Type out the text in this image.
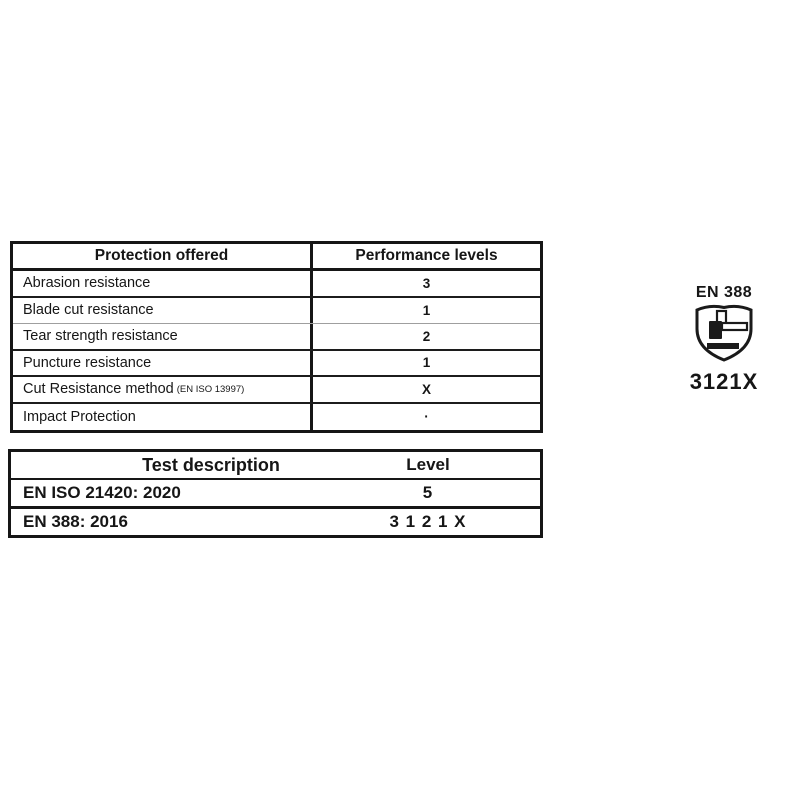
Protection offered	Performance levels
Abrasion resistance	3
Blade cut resistance	1
Tear strength resistance	2
Puncture resistance	1
Cut Resistance method (EN ISO 13997)	X
Impact Protection	·
Test description	Level
EN ISO 21420: 2020	5
EN 388: 2016	3 1 2 1 X
EN 388
3121X
